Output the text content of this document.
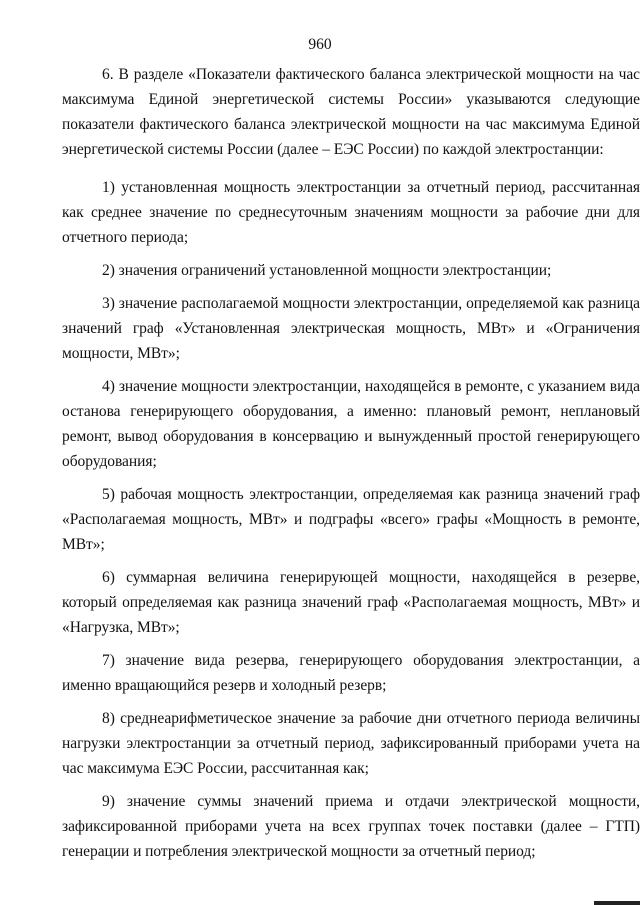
960

6. В разделе «Показатели фактического баланса электрической мощности на час максимума Единой энергетической системы России» указываются следующие показатели фактического баланса электрической мощности на час максимума Единой энергетической системы России (далее – ЕЭС России) по каждой электростанции:

1) установленная мощность электростанции за отчетный период, рассчитанная как среднее значение по среднесуточным значениям мощности за рабочие дни для отчетного периода;

2) значения ограничений установленной мощности электростанции;

3) значение располагаемой мощности электростанции, определяемой как разница значений граф «Установленная электрическая мощность, МВт» и «Ограничения мощности, МВт»;

4) значение мощности электростанции, находящейся в ремонте, с указанием вида останова генерирующего оборудования, а именно: плановый ремонт, неплановый ремонт, вывод оборудования в консервацию и вынужденный простой генерирующего оборудования;

5) рабочая мощность электростанции, определяемая как разница значений граф «Располагаемая мощность, МВт» и подграфы «всего» графы «Мощность в ремонте, МВт»;

6) суммарная величина генерирующей мощности, находящейся в резерве, который определяемая как разница значений граф «Располагаемая мощность, МВт» и «Нагрузка, МВт»;

7) значение вида резерва, генерирующего оборудования электростанции, а именно вращающийся резерв и холодный резерв;

8) среднеарифметическое значение за рабочие дни отчетного периода величины нагрузки электростанции за отчетный период, зафиксированный приборами учета на час максимума ЕЭС России, рассчитанная как;

9) значение суммы значений приема и отдачи электрической мощности, зафиксированной приборами учета на всех группах точек поставки (далее – ГТП) генерации и потребления электрической мощности за отчетный период;
